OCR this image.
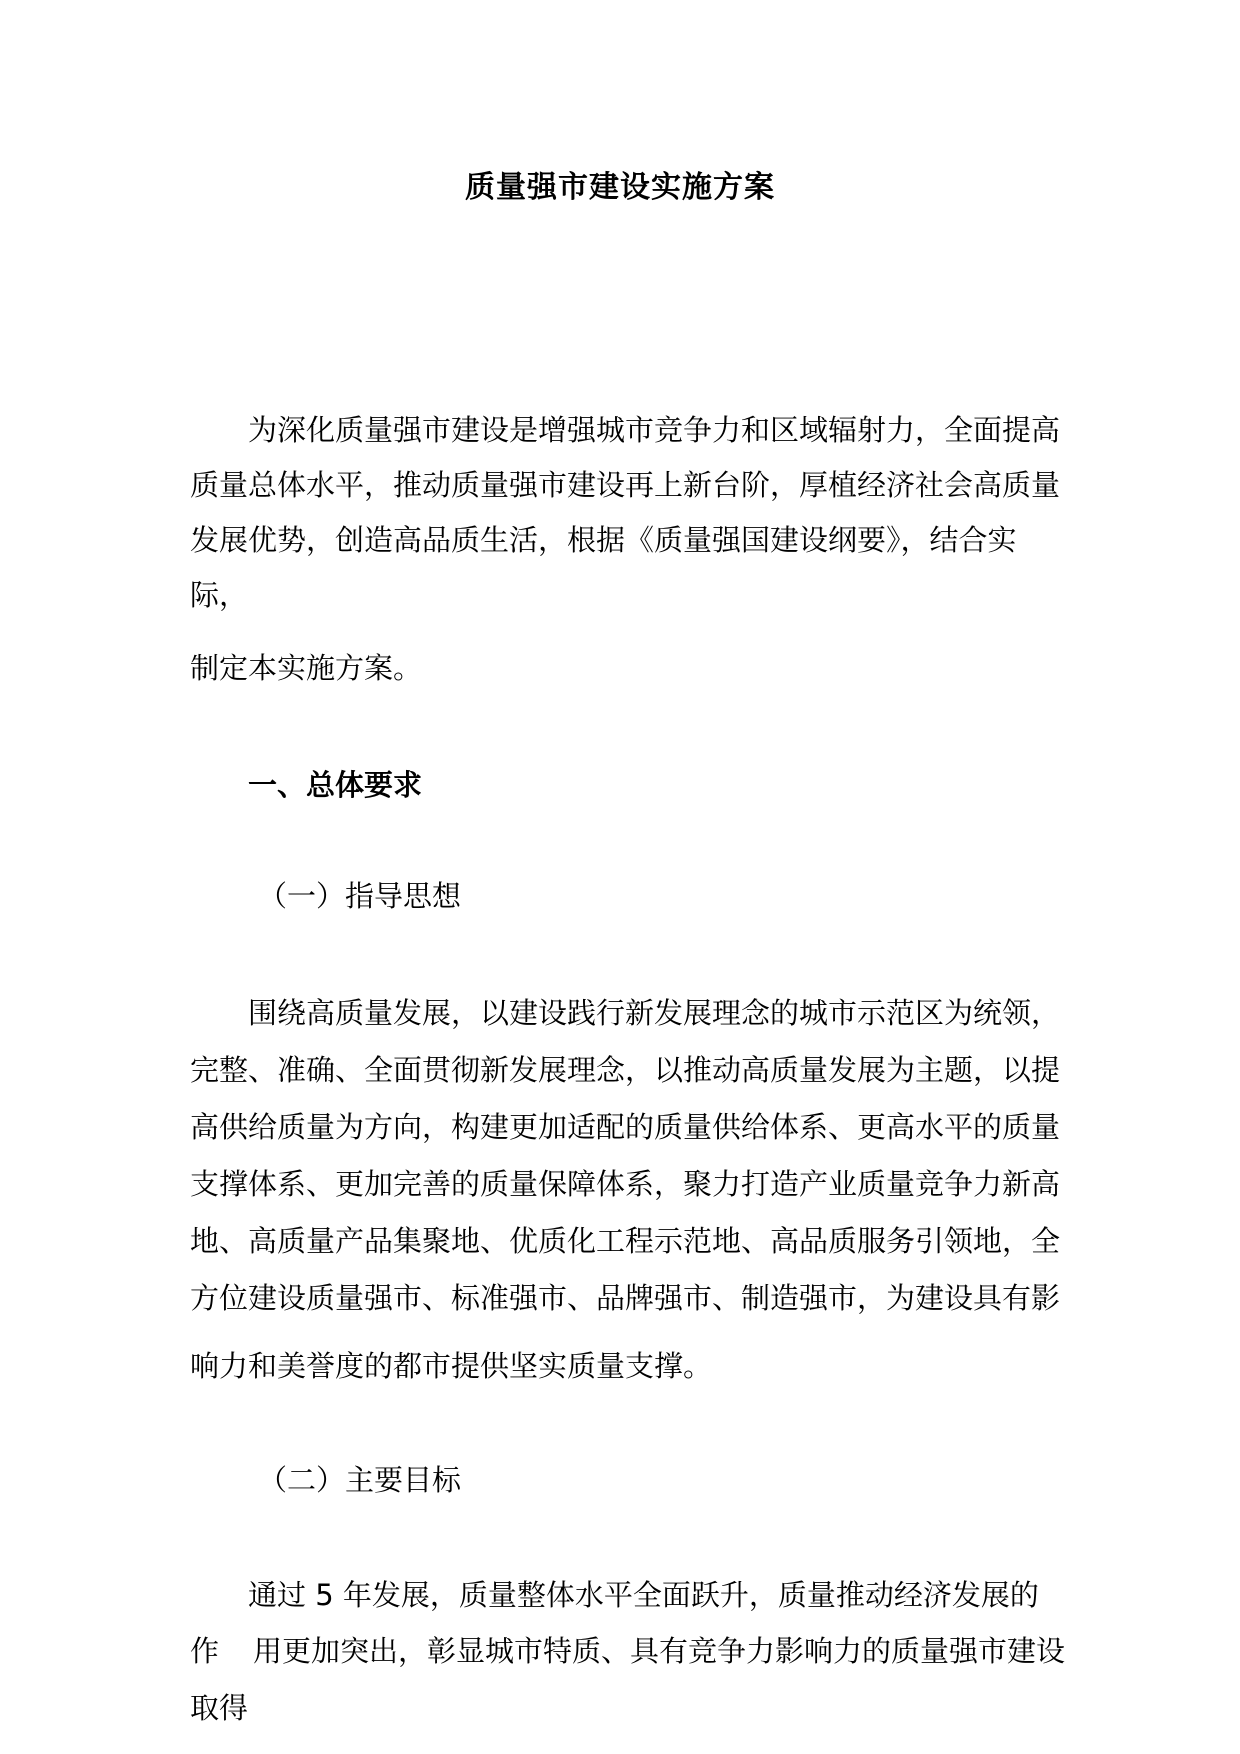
质量强市建设实施方案
为深化质量强市建设是增强城市竞争力和区域辐射力，全面提高
质量总体水平，推动质量强市建设再上新台阶，厚植经济社会高质量
发展优势，创造高品质生活，根据《质量强国建设纲要》，结合实
际，
制定本实施方案。
一、总体要求
（一）指导思想
围绕高质量发展，以建设践行新发展理念的城市示范区为统领，
完整、准确、全面贯彻新发展理念，以推动高质量发展为主题，以提
高供给质量为方向，构建更加适配的质量供给体系、更高水平的质量
支撑体系、更加完善的质量保障体系，聚力打造产业质量竞争力新高
地、高质量产品集聚地、优质化工程示范地、高品质服务引领地，全
方位建设质量强市、标准强市、品牌强市、制造强市，为建设具有影
响力和美誉度的都市提供坚实质量支撑。
（二）主要目标
通过 5 年发展，质量整体水平全面跃升，质量推动经济发展的
作 用更加突出，彰显城市特质、具有竞争力影响力的质量强市建设
取得
